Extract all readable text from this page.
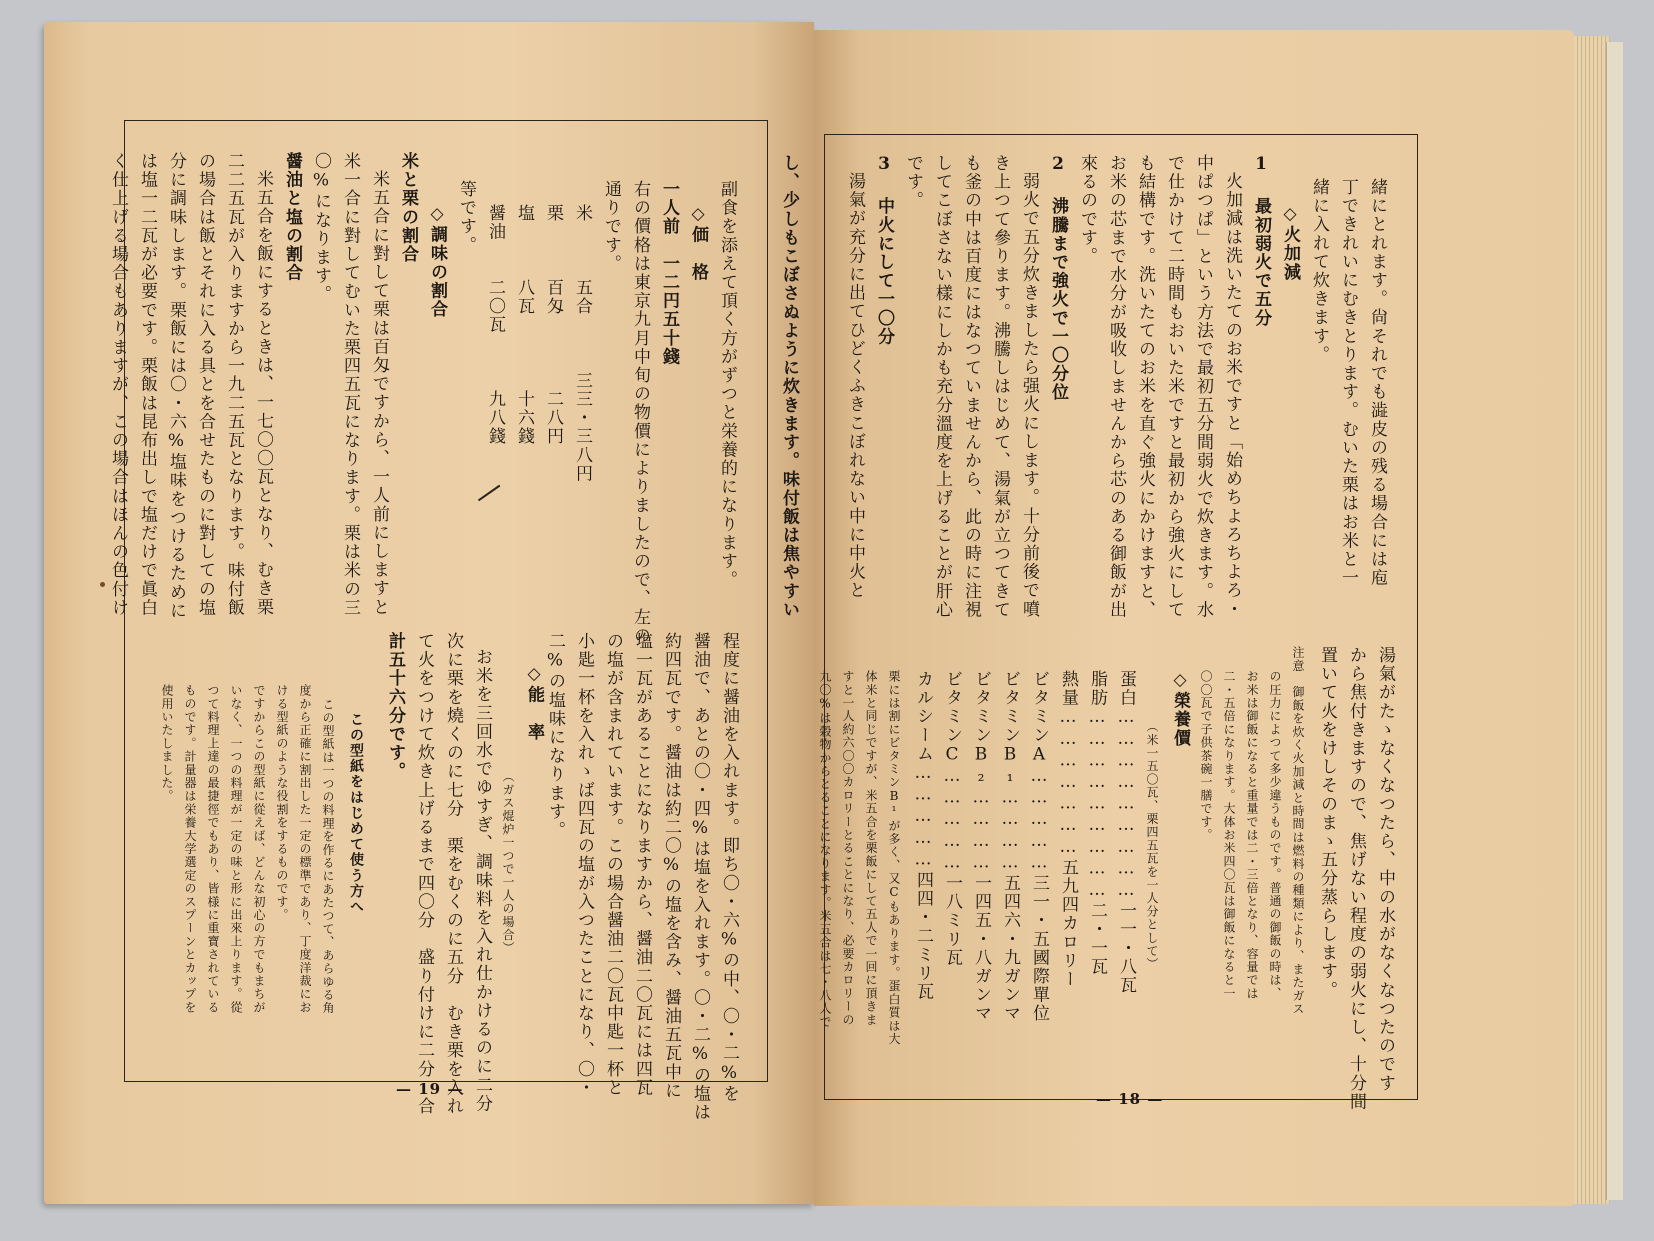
副食を添えて頂く方がずつと栄養的になります。
◇価　格
一人前　一二円五十錢
右の價格は東京九月中旬の物價によりましたので、左の
通りです。
米　　　五合　　　三三・三八円
栗　　　百匁　　　　二八円
塩　　　八瓦　　　　十六錢
醤油　　二〇瓦　　　九八錢
等です。
◇調味の割合
米と栗の割合
米五合に對して栗は百匁ですから、一人前にしますと
米一合に對してむいた栗四五瓦になります。栗は米の三
〇%になります。
醤油と塩の割合
米五合を飯にするときは、一七〇〇瓦となり、むき栗
二二五瓦が入りますから一九二五瓦となります。味付飯
の場合は飯とそれに入る具とを合せたものに對しての塩
分に調味します。栗飯には〇・六%塩味をつけるために
は塩一二瓦が必要です。栗飯は昆布出しで塩だけで眞白
く仕上げる場合もありますが、この場合はほんの色付け
計五十六分です。 て火をつけて炊き上げるまで四〇分　盛り付けに二分　合 次に栗を燒くのに七分　栗をむくのに五分　むき栗を入れ お米を三回水でゆすぎ、調味料を入れ仕かけるのに二分 （ガス焜炉一つで一人の場合）
◇能　率 二%の塩味になります。 小匙一杯を入れゝば四瓦の塩が入つたことになり、〇・ の塩が含まれています。この場合醤油二〇瓦中匙一杯と 塩一瓦があることになりますから、醤油二〇瓦には四瓦 約四瓦です。醤油は約二〇%の塩を含み、醤油五瓦中に 醤油で、あとの〇・四%は塩を入れます。〇・二%の塩は 程度に醤油を入れます。即ち〇・六%の中、〇・二%を
この型紙をはじめて使う方へ
この型紙は一つの料理を作るにあたつて、あらゆる角
度から正確に割出した一定の標準であり、丁度洋裁にお
ける型紙のような役割をするものです。
ですからこの型紙に從えば、どんな初心の方でもまちが
いなく、一つの料理が一定の味と形に出來上ります。從
つて料理上達の最捷徑でもあり、皆様に重寶されている
ものです。計量器は栄養大学選定のスプーンとカップを
使用いたしました。
— 19 —
緒にとれます。尙それでも澁皮の残る場合には庖
丁できれいにむきとります。むいた栗はお米と一
緒に入れて炊きます。
◇火加減
1 最初弱火で五分
火加減は洗いたてのお米ですと「始めちよろちよろ・
中ぱつぱ」という方法で最初五分間弱火で炊きます。水
で仕かけて二時間もおいた米ですと最初から強火にして
も結構です。洗いたてのお米を直ぐ強火にかけますと、
お米の芯まで水分が吸收しませんから芯のある御飯が出
來るのです。
2 沸騰まで強火で一〇分位
弱火で五分炊きましたら强火にします。十分前後で噴
き上つて參ります。沸騰しはじめて、湯氣が立つてきて
も釜の中は百度にはなつていませんから、此の時に注視
してこぼさない樣にしかも充分溫度を上げることが肝心
です。
3 中火にして一〇分
湯氣が充分に出てひどくふきこぼれない中に中火と
湯氣がたゝなくなつたら、中の水がなくなつたのです
から焦付きますので、焦げない程度の弱火にし、十分間
置いて火をけしそのまゝ五分蒸らします。
注意　御飯を炊く火加減と時間は燃料の種類により、またガス
の圧力によつて多少違うものです。普通の御飯の時は、
お米は御飯になると重量では二・三倍となり、容量では
二・五倍になります。大体お米四〇瓦は御飯になると一
〇〇瓦で子供茶碗一膳です。
◇榮養價
（米一五〇瓦、栗四五瓦を一人分として）
蛋白………………………一一・八瓦
脂肪………………………二・一瓦
熱量…………………五九四カロリー
ビタミンA……………三一・五國際單位
ビタミンB₁…………五四六・九ガンマ
ビタミンB₂…………一四五・八ガンマ
ビタミンC……………一八ミリ瓦
カルシーム……………四四・二ミリ瓦
栗には割にビタミンB¹が多く、又Cもあります。蛋白質は大
体米と同じですが、米五合を栗飯にして五人で一回に頂きま
すと一人約六〇〇カロリーとることになり、必要カロリーの
九〇%は穀物からとることになります。米五合は七・八人で
し、少しもこぼさぬように炊きます。味付飯は焦やすい
— 18 —
